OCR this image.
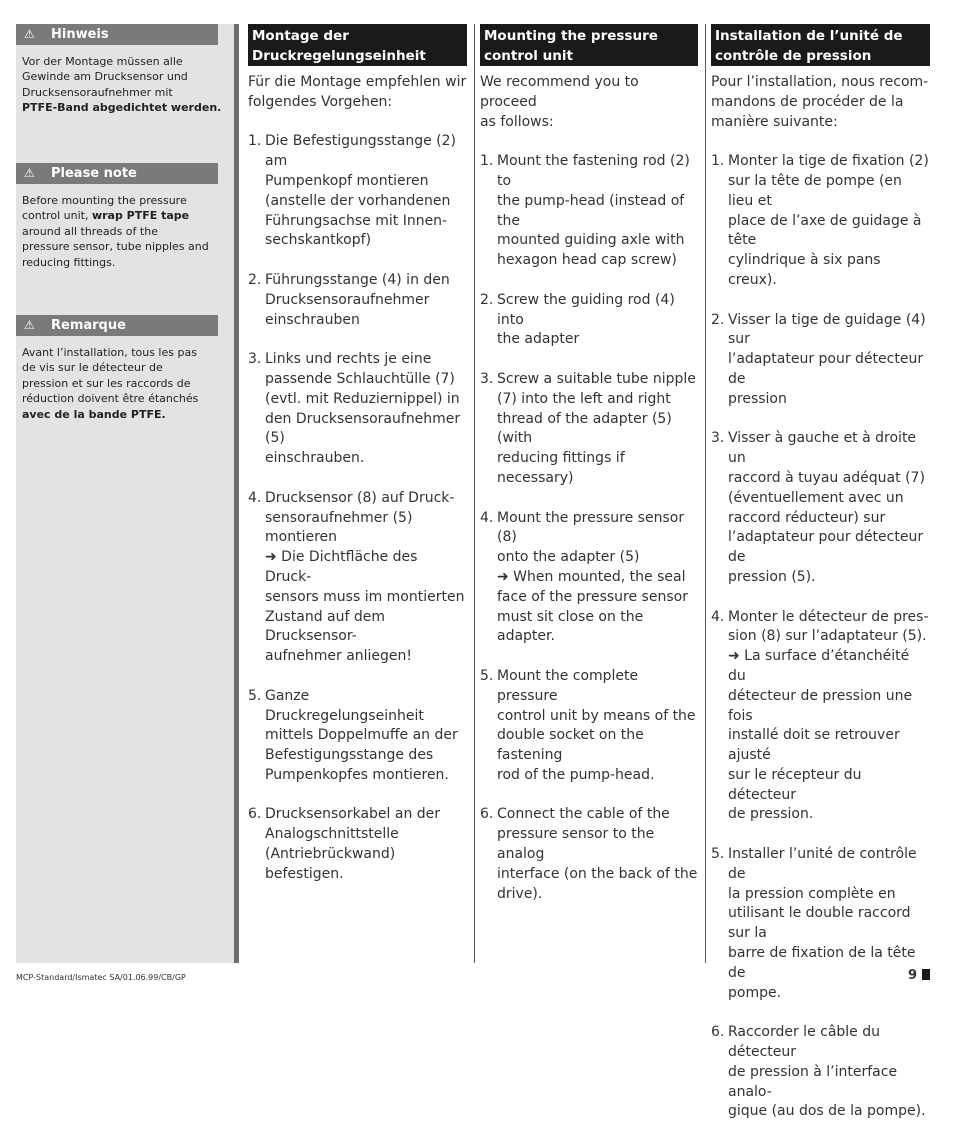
⚠ Hinweis
Vor der Montage müssen alle
Gewinde am Drucksensor und
Drucksensoraufnehmer mit
PTFE-Band abgedichtet werden.
⚠ Please note
Before mounting the pressure
control unit, wrap PTFE tape
around all threads of the
pressure sensor, tube nipples and
reducing fittings.
⚠ Remarque
Avant l’installation, tous les pas
de vis sur le détecteur de
pression et sur les raccords de
réduction doivent être étanchés
avec de la bande PTFE.
Montage der
Druckregelungseinheit
Für die Montage empfehlen wir
folgendes Vorgehen:
1. Die Befestigungsstange (2) am
Pumpenkopf montieren
(anstelle der vorhandenen
Führungsachse mit Innen-
sechskantkopf)
2. Führungsstange (4) in den
Drucksensoraufnehmer
einschrauben
3. Links und rechts je eine
passende Schlauchtülle (7)
(evtl. mit Reduziernippel) in
den Drucksensoraufnehmer (5)
einschrauben.
4. Drucksensor (8) auf Druck-
sensoraufnehmer (5)
montieren
➜ Die Dichtfläche des Druck-
sensors muss im montierten
Zustand auf dem Drucksensor-
aufnehmer anliegen!
5. Ganze Druckregelungseinheit
mittels Doppelmuffe an der
Befestigungsstange des
Pumpenkopfes montieren.
6. Drucksensorkabel an der
Analogschnittstelle
(Antriebrückwand) befestigen.
Mounting the pressure
control unit
We recommend you to proceed
as follows:
1. Mount the fastening rod (2) to
the pump-head (instead of the
mounted guiding axle with
hexagon head cap screw)
2. Screw the guiding rod (4) into
the adapter
3. Screw a suitable tube nipple
(7) into the left and right
thread of the adapter (5) (with
reducing fittings if necessary)
4. Mount the pressure sensor (8)
onto the adapter (5)
➜ When mounted, the seal
face of the pressure sensor
must sit close on the adapter.
5. Mount the complete pressure
control unit by means of the
double socket on the fastening
rod of the pump-head.
6. Connect the cable of the
pressure sensor to the analog
interface (on the back of the
drive).
Installation de l’unité de
contrôle de pression
Pour l’installation, nous recom-
mandons de procéder de la
manière suivante:
1. Monter la tige de fixation (2)
sur la tête de pompe (en lieu et
place de l’axe de guidage à tête
cylindrique à six pans creux).
2. Visser la tige de guidage (4) sur
l’adaptateur pour détecteur de
pression
3. Visser à gauche et à droite un
raccord à tuyau adéquat (7)
(éventuellement avec un
raccord réducteur) sur
l’adaptateur pour détecteur de
pression (5).
4. Monter le détecteur de pres-
sion (8) sur l’adaptateur (5).
➜ La surface d’étanchéité du
détecteur de pression une fois
installé doit se retrouver ajusté
sur le récepteur du détecteur
de pression.
5. Installer l’unité de contrôle de
la pression complète en
utilisant le double raccord sur la
barre de fixation de la tête de
pompe.
6. Raccorder le câble du détecteur
de pression à l’interface analo-
gique (au dos de la pompe).
MCP-Standard/Ismatec SA/01.06.99/CB/GP	9
